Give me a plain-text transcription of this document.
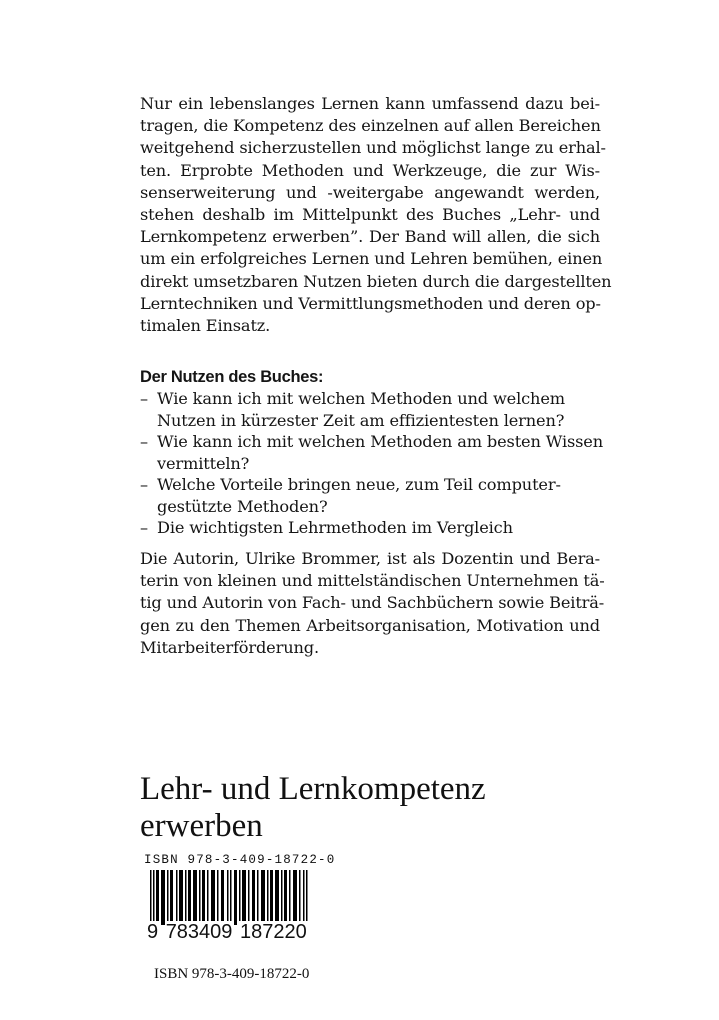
Nur ein lebenslanges Lernen kann umfassend dazu bei-
tragen, die Kompetenz des einzelnen auf allen Bereichen
weitgehend sicherzustellen und möglichst lange zu erhal-
ten. Erprobte Methoden und Werkzeuge, die zur Wis-
senserweiterung und -weitergabe angewandt werden,
stehen deshalb im Mittelpunkt des Buches „Lehr- und
Lernkompetenz erwerben”. Der Band will allen, die sich
um ein erfolgreiches Lernen und Lehren bemühen, einen
direkt umsetzbaren Nutzen bieten durch die dargestellten
Lerntechniken und Vermittlungsmethoden und deren op-
timalen Einsatz.
Der Nutzen des Buches:
– Wie kann ich mit welchen Methoden und welchem
Nutzen in kürzester Zeit am effizientesten lernen?
– Wie kann ich mit welchen Methoden am besten Wissen
vermitteln?
– Welche Vorteile bringen neue, zum Teil computer-
gestützte Methoden?
– Die wichtigsten Lehrmethoden im Vergleich
Die Autorin, Ulrike Brommer, ist als Dozentin und Bera-
terin von kleinen und mittelständischen Unternehmen tä-
tig und Autorin von Fach- und Sachbüchern sowie Beiträ-
gen zu den Themen Arbeitsorganisation, Motivation und
Mitarbeiterförderung.
Lehr- und Lernkompetenz
erwerben
ISBN 978-3-409-18722-0
9 783409 187220
ISBN 978-3-409-18722-0
